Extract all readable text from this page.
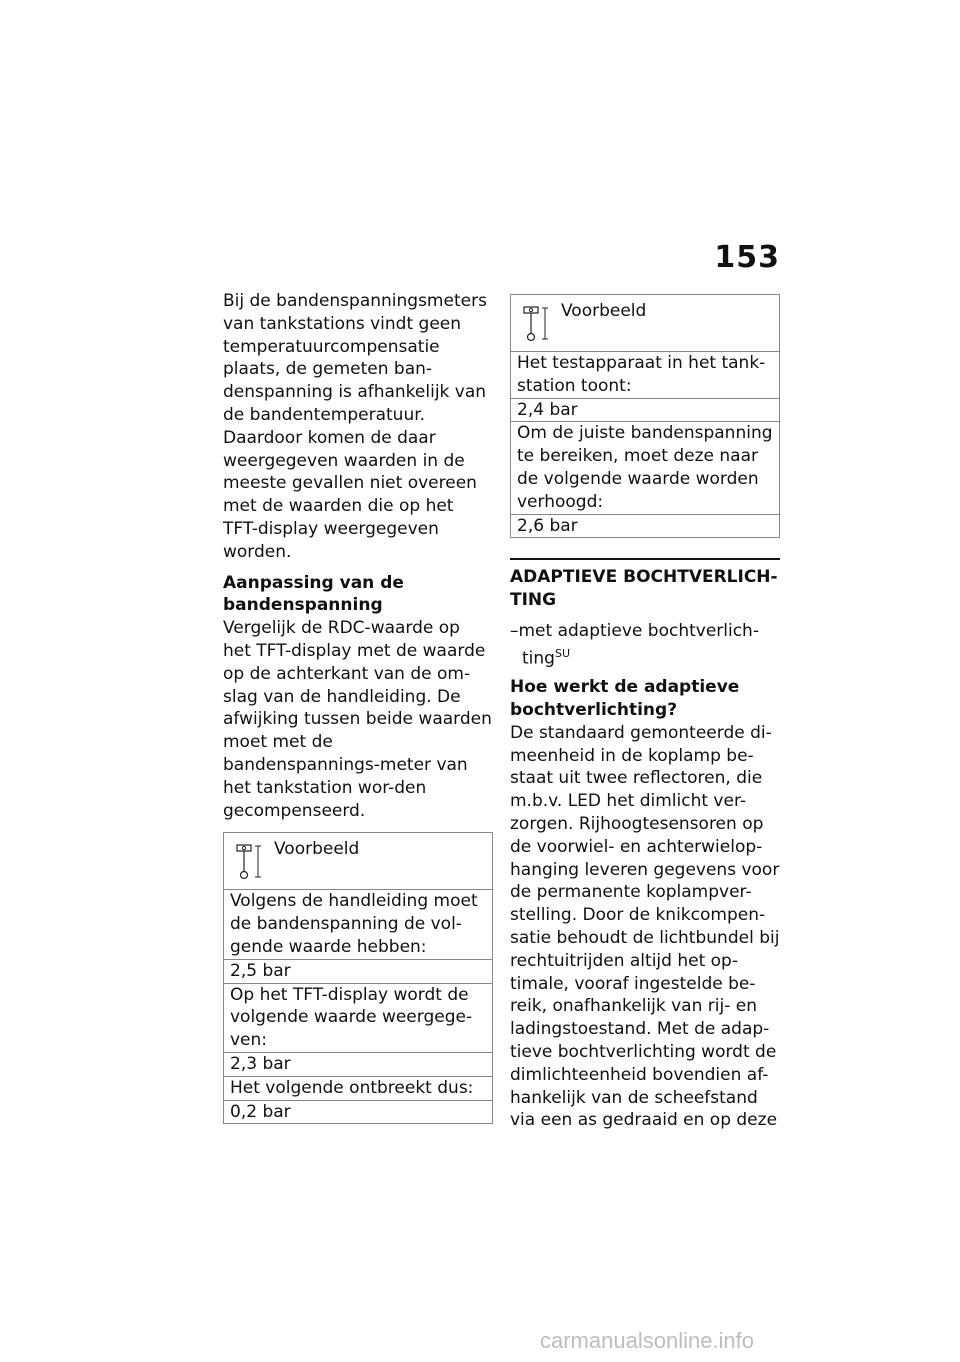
153

Bij de bandenspanningsmeters van tankstations vindt geen temperatuurcompensatie plaats, de gemeten ban-denspanning is afhankelijk van de bandentemperatuur. Daardoor komen de daar weergegeven waarden in de meeste gevallen niet overeen met de waarden die op het TFT-display weergegeven worden.

Aanpassing van de bandenspanning

Vergelijk de RDC-waarde op het TFT-display met de waarde op de achterkant van de om-slag van de handleiding. De afwijking tussen beide waarden moet met de bandenspannings-meter van het tankstation wor-den gecompenseerd.

Voorbeeld
Volgens de handleiding moet de bandenspanning de vol-gende waarde hebben:
2,5 bar
Op het TFT-display wordt de volgende waarde weergege-ven:
2,3 bar
Het volgende ontbreekt dus:
0,2 bar
Voorbeeld
Het testapparaat in het tank-station toont:
2,4 bar
Om de juiste bandenspanning te bereiken, moet deze naar de volgende waarde worden verhoogd:
2,6 bar
ADAPTIEVE BOCHTVERLICH-TING
–met adaptieve bochtverlich-ting$^{SU}$
Hoe werkt de adaptieve bochtverlichting?

De standaard gemonteerde di-meenheid in de koplamp be-staat uit twee reflectoren, die m.b.v. LED het dimlicht ver-zorgen. Rijhoogtesensoren op de voorwiel- en achterwielop-hanging leveren gegevens voor de permanente koplampver-stelling. Door de knikcompen-satie behoudt de lichtbundel bij rechtuitrijden altijd het op-timale, vooraf ingestelde be-reik, onafhankelijk van rij- en ladingstoestand. Met de adap-tieve bochtverlichting wordt de dimlichteenheid bovendien af-hankelijk van de scheefstand via een as gedraaid en op deze

carmanualsonline.info
